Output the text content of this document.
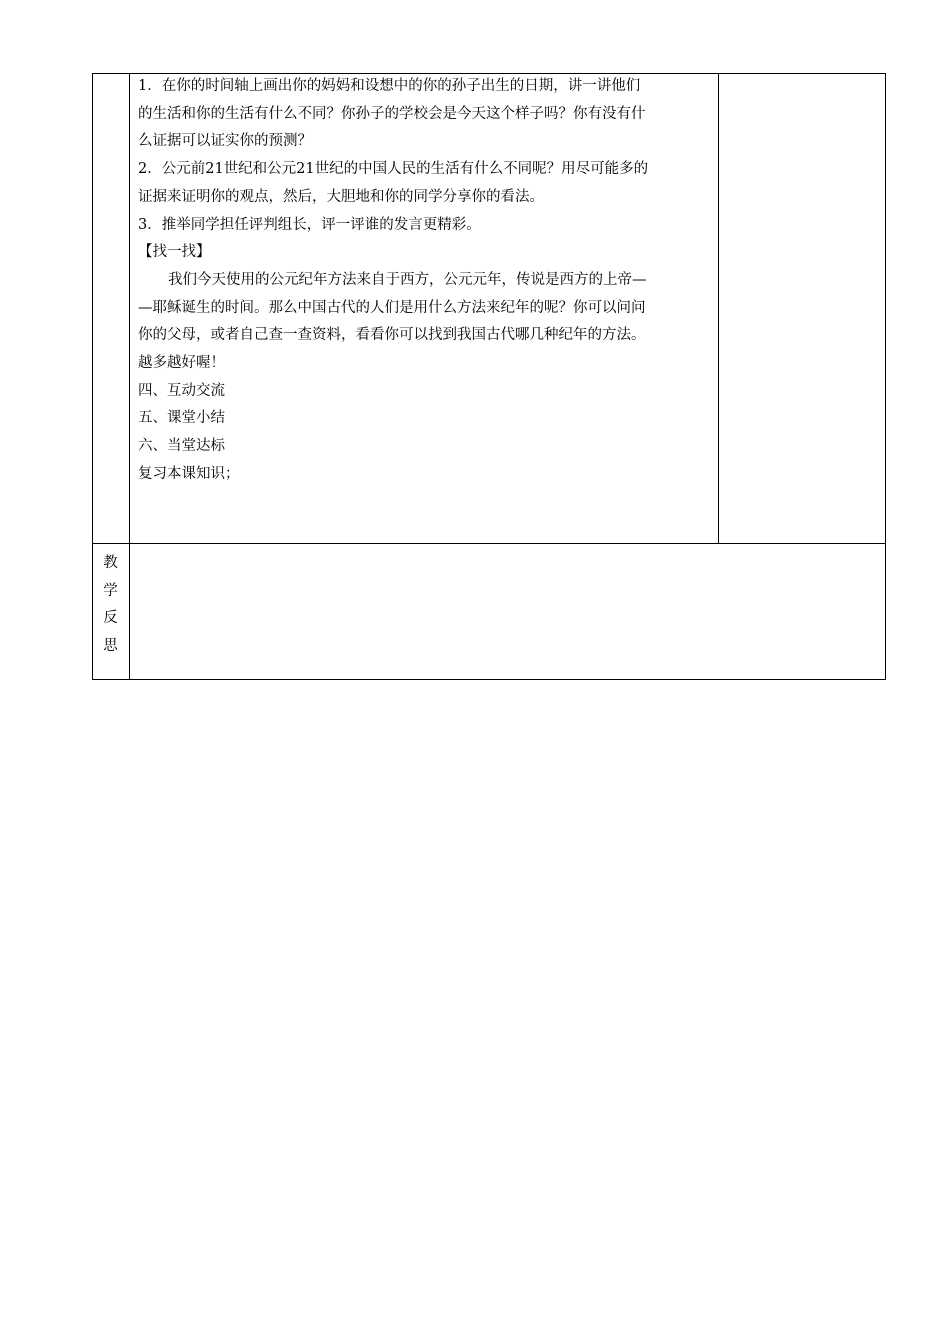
1．在你的时间轴上画出你的妈妈和设想中的你的孙子出生的日期，讲一讲他们

的生活和你的生活有什么不同？你孙子的学校会是今天这个样子吗？你有没有什

么证据可以证实你的预测？

2．公元前21世纪和公元21世纪的中国人民的生活有什么不同呢？用尽可能多的

证据来证明你的观点，然后，大胆地和你的同学分享你的看法。

3．推举同学担任评判组长，评一评谁的发言更精彩。

【找一找】

我们今天使用的公元纪年方法来自于西方，公元元年，传说是西方的上帝—

—耶稣诞生的时间。那么中国古代的人们是用什么方法来纪年的呢？你可以问问

你的父母，或者自己查一查资料，看看你可以找到我国古代哪几种纪年的方法。

越多越好喔！

四、互动交流

五、课堂小结

六、当堂达标

复习本课知识；

教
学
反
思
